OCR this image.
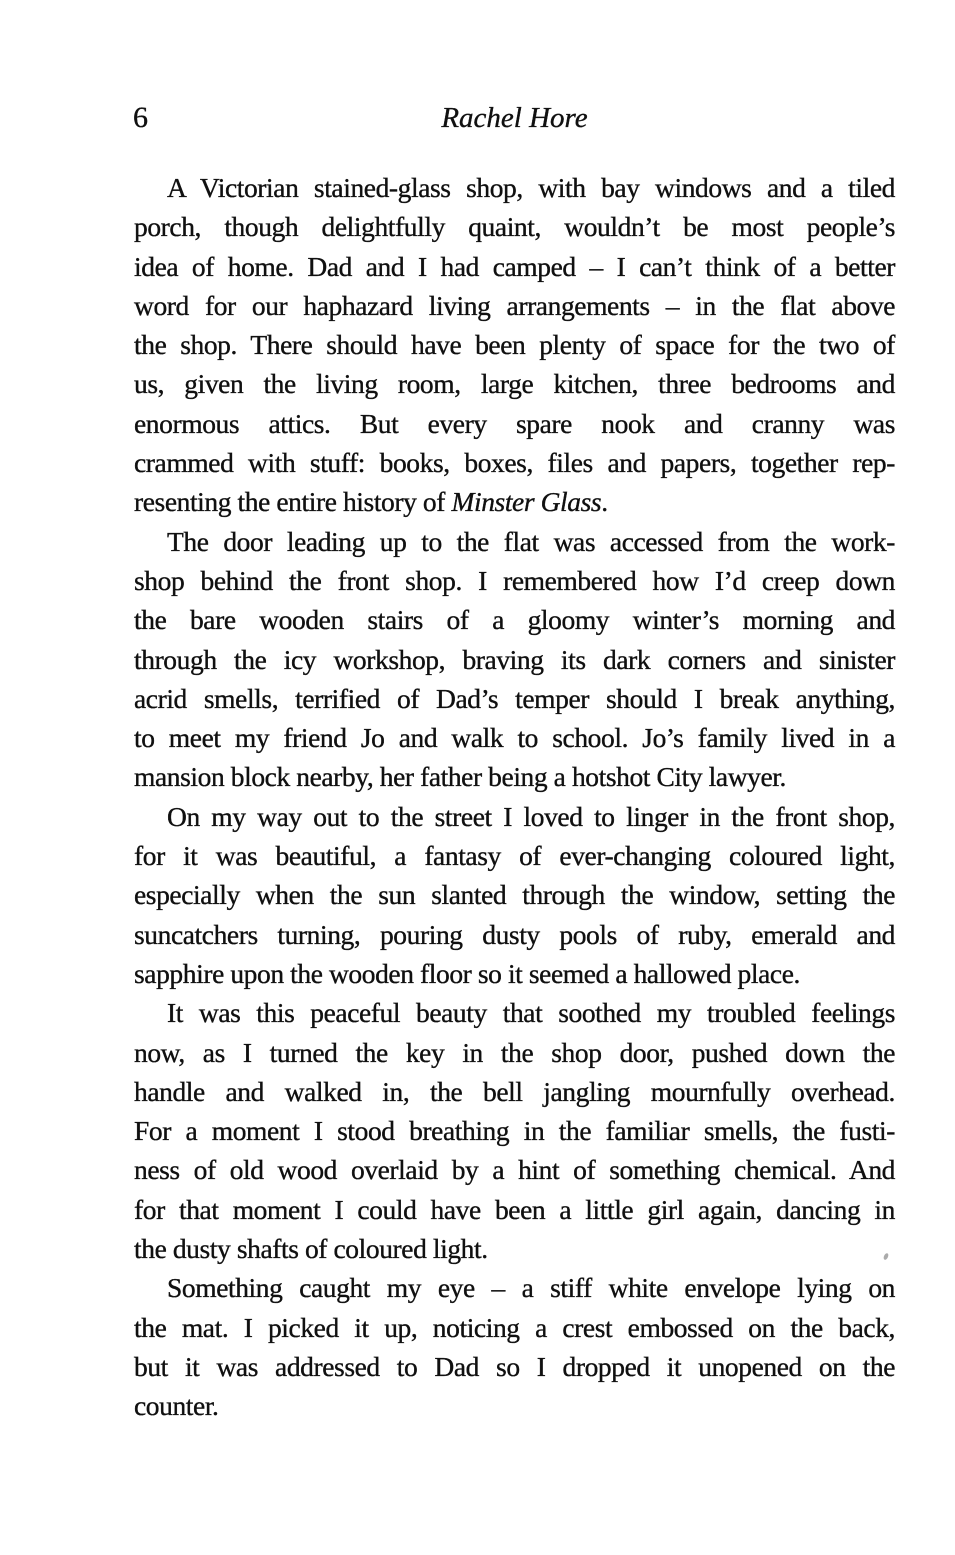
6	Rachel Hore
A Victorian stained-glass shop, with bay windows and a tiled
porch, though delightfully quaint, wouldn’t be most people’s
idea of home. Dad and I had camped – I can’t think of a better
word for our haphazard living arrangements – in the flat above
the shop. There should have been plenty of space for the two of
us, given the living room, large kitchen, three bedrooms and
enormous attics. But every spare nook and cranny was
crammed with stuff: books, boxes, files and papers, together rep-
resenting the entire history of Minster Glass.
The door leading up to the flat was accessed from the work-
shop behind the front shop. I remembered how I’d creep down
the bare wooden stairs of a gloomy winter’s morning and
through the icy workshop, braving its dark corners and sinister
acrid smells, terrified of Dad’s temper should I break anything,
to meet my friend Jo and walk to school. Jo’s family lived in a
mansion block nearby, her father being a hotshot City lawyer.
On my way out to the street I loved to linger in the front shop,
for it was beautiful, a fantasy of ever-changing coloured light,
especially when the sun slanted through the window, setting the
suncatchers turning, pouring dusty pools of ruby, emerald and
sapphire upon the wooden floor so it seemed a hallowed place.
It was this peaceful beauty that soothed my troubled feelings
now, as I turned the key in the shop door, pushed down the
handle and walked in, the bell jangling mournfully overhead.
For a moment I stood breathing in the familiar smells, the fusti-
ness of old wood overlaid by a hint of something chemical. And
for that moment I could have been a little girl again, dancing in
the dusty shafts of coloured light.
Something caught my eye – a stiff white envelope lying on
the mat. I picked it up, noticing a crest embossed on the back,
but it was addressed to Dad so I dropped it unopened on the
counter.
